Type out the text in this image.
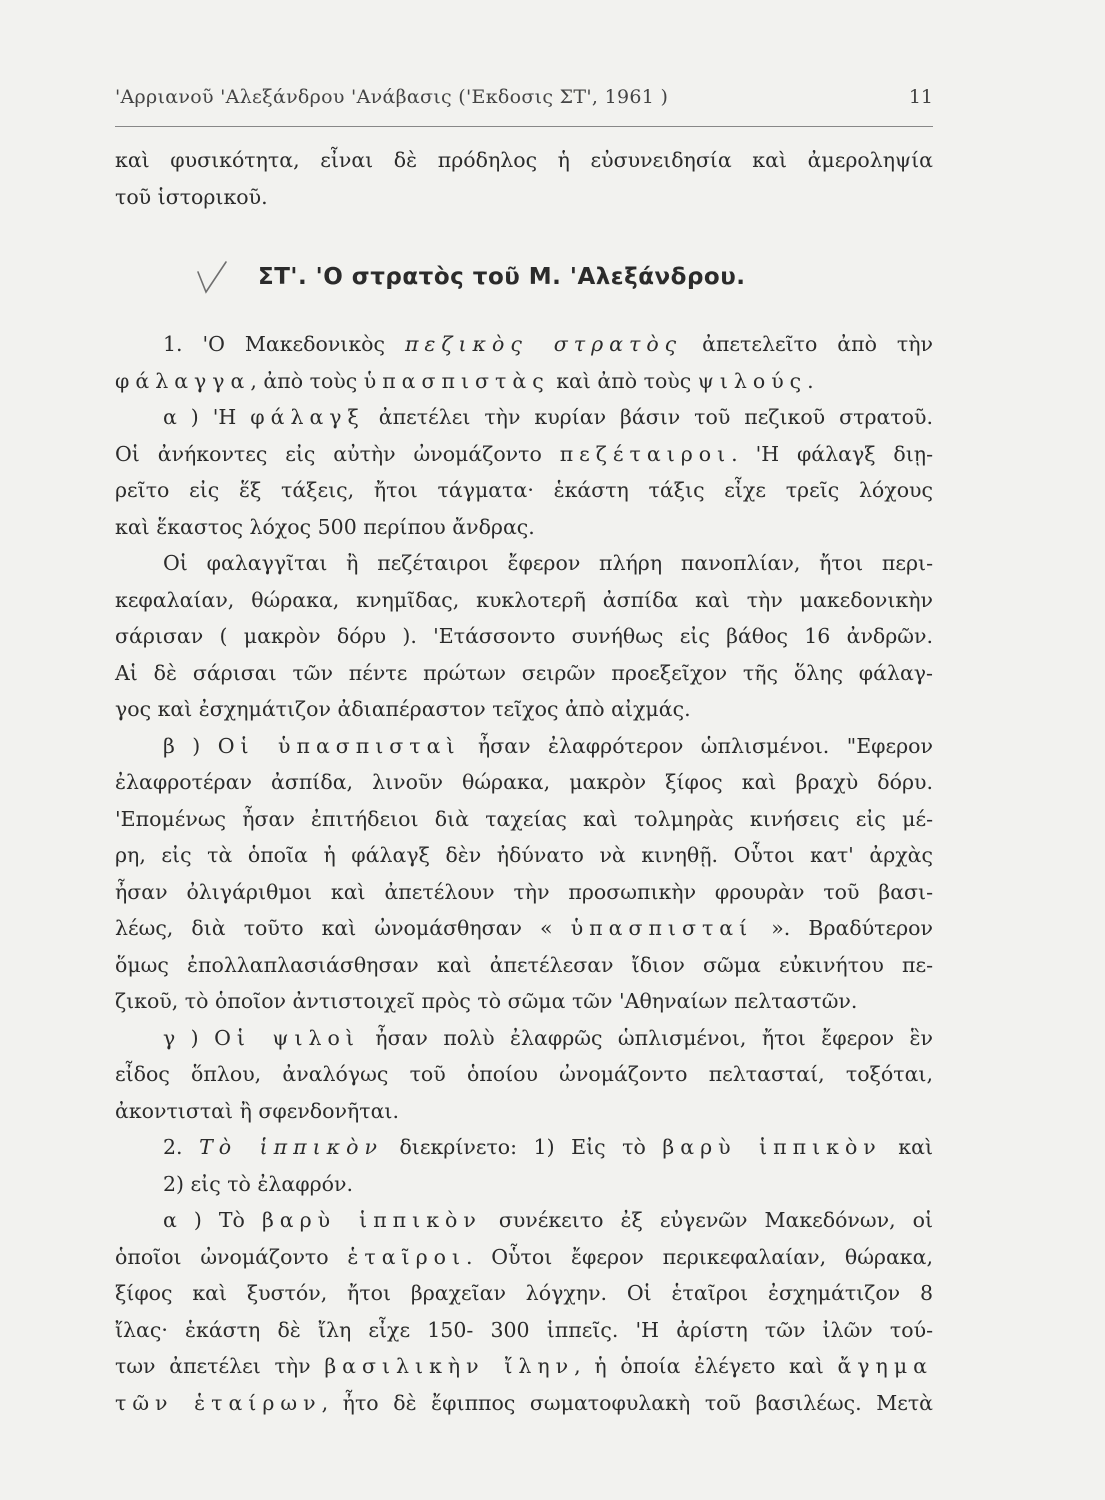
'Αρριανοῦ 'Αλεξάνδρου 'Ανάβασις ('Εκδοσις ΣΤ', 1961 )	11
καὶ φυσικότητα, εἶναι δὲ πρόδηλος ἡ εὐσυνειδησία καὶ ἀμεροληψία
τοῦ ἱστορικοῦ.
ΣΤ'. 'Ο στρατὸς τοῦ Μ. 'Αλεξάνδρου.
1. 'Ο Μακεδονικὸς πεζικὸς στρατὸς ἀπετελεῖτο ἀπὸ τὴν
φάλαγγα, ἀπὸ τοὺς ὑπασπιστὰς καὶ ἀπὸ τοὺς ψιλούς.
α ) 'Η φάλαγξ ἀπετέλει τὴν κυρίαν βάσιν τοῦ πεζικοῦ στρατοῦ.
Οἱ ἀνήκοντες εἰς αὐτὴν ὠνομάζοντο πεζέταιροι. 'Η φάλαγξ διῃ-
ρεῖτο εἰς ἕξ τάξεις, ἤτοι τάγματα· ἑκάστη τάξις εἶχε τρεῖς λόχους
καὶ ἕκαστος λόχος 500 περίπου ἄνδρας.
Οἱ φαλαγγῖται ἢ πεζέταιροι ἔφερον πλήρη πανοπλίαν, ἤτοι περι-
κεφαλαίαν, θώρακα, κνημῖδας, κυκλοτερῆ ἀσπίδα καὶ τὴν μακεδονικὴν
σάρισαν ( μακρὸν δόρυ ). 'Ετάσσοντο συνήθως εἰς βάθος 16 ἀνδρῶν.
Αἱ δὲ σάρισαι τῶν πέντε πρώτων σειρῶν προεξεῖχον τῆς ὅλης φάλαγ-
γος καὶ ἐσχημάτιζον ἀδιαπέραστον τεῖχος ἀπὸ αἰχμάς.
β ) Οἱ ὑπασπισταὶ ἦσαν ἐλαφρότερον ὡπλισμένοι. "Εφερον
ἐλαφροτέραν ἀσπίδα, λινοῦν θώρακα, μακρὸν ξίφος καὶ βραχὺ δόρυ.
'Επομένως ἦσαν ἐπιτήδειοι διὰ ταχείας καὶ τολμηρὰς κινήσεις εἰς μέ-
ρη, εἰς τὰ ὁποῖα ἡ φάλαγξ δὲν ἠδύνατο νὰ κινηθῇ. Οὗτοι κατ' ἀρχὰς
ἦσαν ὀλιγάριθμοι καὶ ἀπετέλουν τὴν προσωπικὴν φρουρὰν τοῦ βασι-
λέως, διὰ τοῦτο καὶ ὠνομάσθησαν « ὑπασπισταί ». Βραδύτερον
ὅμως ἐπολλαπλασιάσθησαν καὶ ἀπετέλεσαν ἴδιον σῶμα εὐκινήτου πε-
ζικοῦ, τὸ ὁποῖον ἀντιστοιχεῖ πρὸς τὸ σῶμα τῶν 'Αθηναίων πελταστῶν.
γ ) Οἱ ψιλοὶ ἦσαν πολὺ ἐλαφρῶς ὡπλισμένοι, ἤτοι ἔφερον ἓν
εἶδος ὅπλου, ἀναλόγως τοῦ ὁποίου ὠνομάζοντο πελτασταί, τοξόται,
ἀκοντισταὶ ἢ σφενδονῆται.
2. Τὸ ἱππικὸν διεκρίνετο: 1) Εἰς τὸ βαρὺ ἱππικὸν καὶ
2) εἰς τὸ ἐλαφρόν.
α ) Τὸ βαρὺ ἱππικὸν συνέκειτο ἐξ εὐγενῶν Μακεδόνων, οἱ
ὁποῖοι ὠνομάζοντο ἑταῖροι. Οὗτοι ἔφερον περικεφαλαίαν, θώρακα,
ξίφος καὶ ξυστόν, ἤτοι βραχεῖαν λόγχην. Οἱ ἑταῖροι ἐσχημάτιζον 8
ἴλας· ἑκάστη δὲ ἴλη εἶχε 150- 300 ἱππεῖς. 'Η ἀρίστη τῶν ἰλῶν τού-
των ἀπετέλει τὴν βασιλικὴν ἴλην, ἡ ὁποία ἐλέγετο καὶ ἄγημα
τῶν ἑταίρων, ἦτο δὲ ἔφιππος σωματοφυλακὴ τοῦ βασιλέως. Μετὰ
